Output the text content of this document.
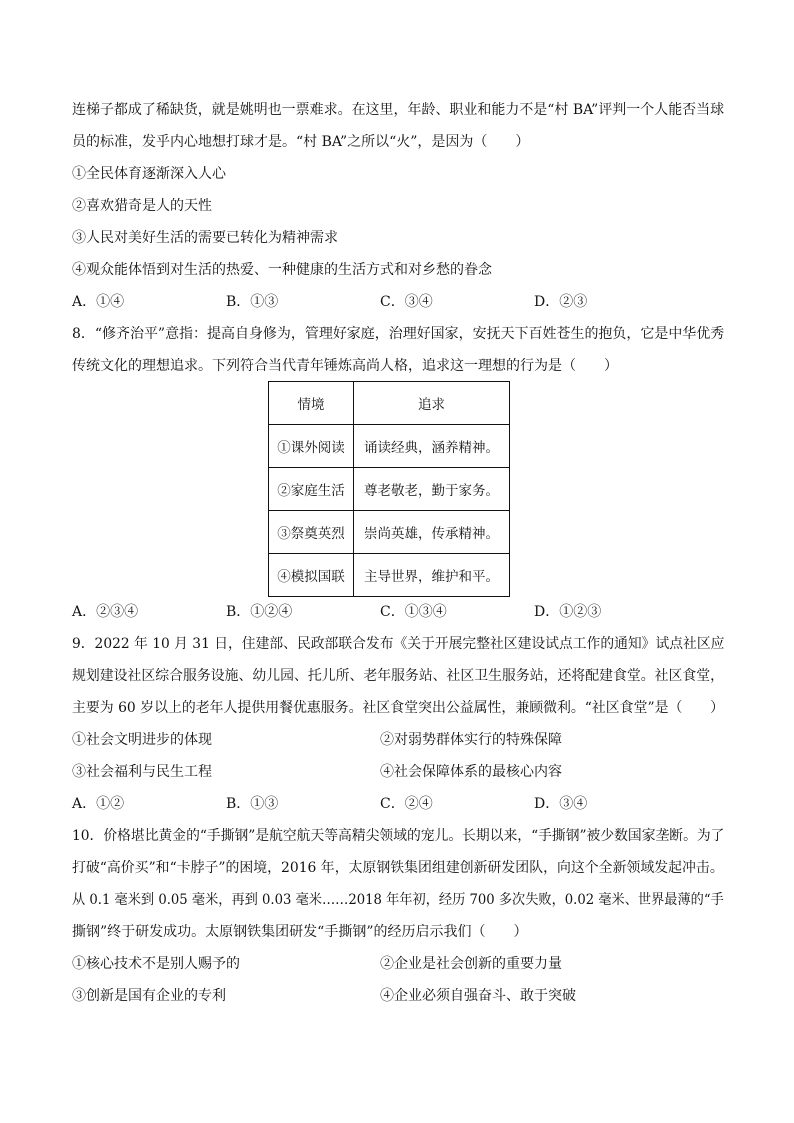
连梯子都成了稀缺货，就是姚明也一票难求。在这里，年龄、职业和能力不是“村 BA”评判一个人能否当球
员的标准，发乎内心地想打球才是。“村 BA”之所以“火”，是因为（　　）
①全民体育逐渐深入人心
②喜欢猎奇是人的天性
③人民对美好生活的需要已转化为精神需求
④观众能体悟到对生活的热爱、一种健康的生活方式和对乡愁的眷念
A．①④	B．①③	C．③④	D．②③
8．“修齐治平”意指：提高自身修为，管理好家庭，治理好国家，安抚天下百姓苍生的抱负，它是中华优秀
传统文化的理想追求。下列符合当代青年锤炼高尚人格，追求这一理想的行为是（　　）
情境	追求
①课外阅读	诵读经典，涵养精神。
②家庭生活	尊老敬老，勤于家务。
③祭奠英烈	崇尚英雄，传承精神。
④模拟国联	主导世界，维护和平。
A．②③④	B．①②④	C．①③④	D．①②③
9．2022 年 10 月 31 日，住建部、民政部联合发布《关于开展完整社区建设试点工作的通知》试点社区应
规划建设社区综合服务设施、幼儿园、托儿所、老年服务站、社区卫生服务站，还将配建食堂。社区食堂，
主要为 60 岁以上的老年人提供用餐优惠服务。社区食堂突出公益属性，兼顾微利。“社区食堂”是（　　）
①社会文明进步的体现	②对弱势群体实行的特殊保障
③社会福利与民生工程	④社会保障体系的最核心内容
A．①②	B．①③	C．②④	D．③④
10．价格堪比黄金的“手撕钢”是航空航天等高精尖领域的宠儿。长期以来，“手撕钢”被少数国家垄断。为了
打破“高价买”和“卡脖子”的困境，2016 年，太原钢铁集团组建创新研发团队，向这个全新领域发起冲击。
从 0.1 毫米到 0.05 毫米，再到 0.03 毫米……2018 年年初，经历 700 多次失败，0.02 毫米、世界最薄的“手
撕钢”终于研发成功。太原钢铁集团研发“手撕钢”的经历启示我们（　　）
①核心技术不是别人赐予的	②企业是社会创新的重要力量
③创新是国有企业的专利	④企业必须自强奋斗、敢于突破
